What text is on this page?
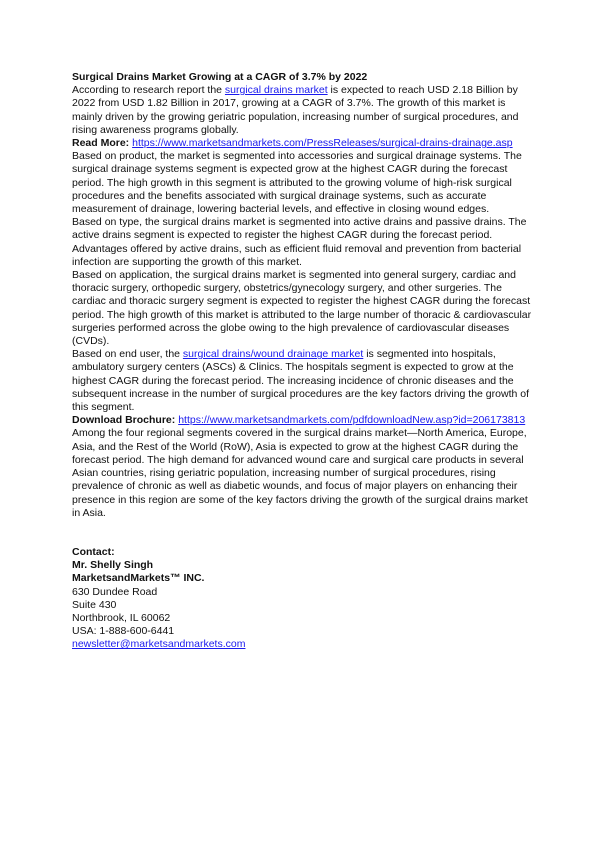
Surgical Drains Market Growing at a CAGR of 3.7% by 2022

According to research report the surgical drains market is expected to reach USD 2.18 Billion by 2022 from USD 1.82 Billion in 2017, growing at a CAGR of 3.7%. The growth of this market is mainly driven by the growing geriatric population, increasing number of surgical procedures, and rising awareness programs globally.

Read More: https://www.marketsandmarkets.com/PressReleases/surgical-drains-drainage.asp

Based on product, the market is segmented into accessories and surgical drainage systems. The surgical drainage systems segment is expected grow at the highest CAGR during the forecast period. The high growth in this segment is attributed to the growing volume of high-risk surgical procedures and the benefits associated with surgical drainage systems, such as accurate measurement of drainage, lowering bacterial levels, and effective in closing wound edges.

Based on type, the surgical drains market is segmented into active drains and passive drains. The active drains segment is expected to register the highest CAGR during the forecast period. Advantages offered by active drains, such as efficient fluid removal and prevention from bacterial infection are supporting the growth of this market.

Based on application, the surgical drains market is segmented into general surgery, cardiac and thoracic surgery, orthopedic surgery, obstetrics/gynecology surgery, and other surgeries. The cardiac and thoracic surgery segment is expected to register the highest CAGR during the forecast period. The high growth of this market is attributed to the large number of thoracic & cardiovascular surgeries performed across the globe owing to the high prevalence of cardiovascular diseases (CVDs).

Based on end user, the surgical drains/wound drainage market is segmented into hospitals, ambulatory surgery centers (ASCs) & Clinics. The hospitals segment is expected to grow at the highest CAGR during the forecast period. The increasing incidence of chronic diseases and the subsequent increase in the number of surgical procedures are the key factors driving the growth of this segment.

Download Brochure: https://www.marketsandmarkets.com/pdfdownloadNew.asp?id=206173813

Among the four regional segments covered in the surgical drains market—North America, Europe, Asia, and the Rest of the World (RoW), Asia is expected to grow at the highest CAGR during the forecast period. The high demand for advanced wound care and surgical care products in several Asian countries, rising geriatric population, increasing number of surgical procedures, rising prevalence of chronic as well as diabetic wounds, and focus of major players on enhancing their presence in this region are some of the key factors driving the growth of the surgical drains market in Asia.

Contact:

Mr. Shelly Singh

MarketsandMarkets™ INC.

630 Dundee Road

Suite 430

Northbrook, IL 60062

USA: 1-888-600-6441

newsletter@marketsandmarkets.com
